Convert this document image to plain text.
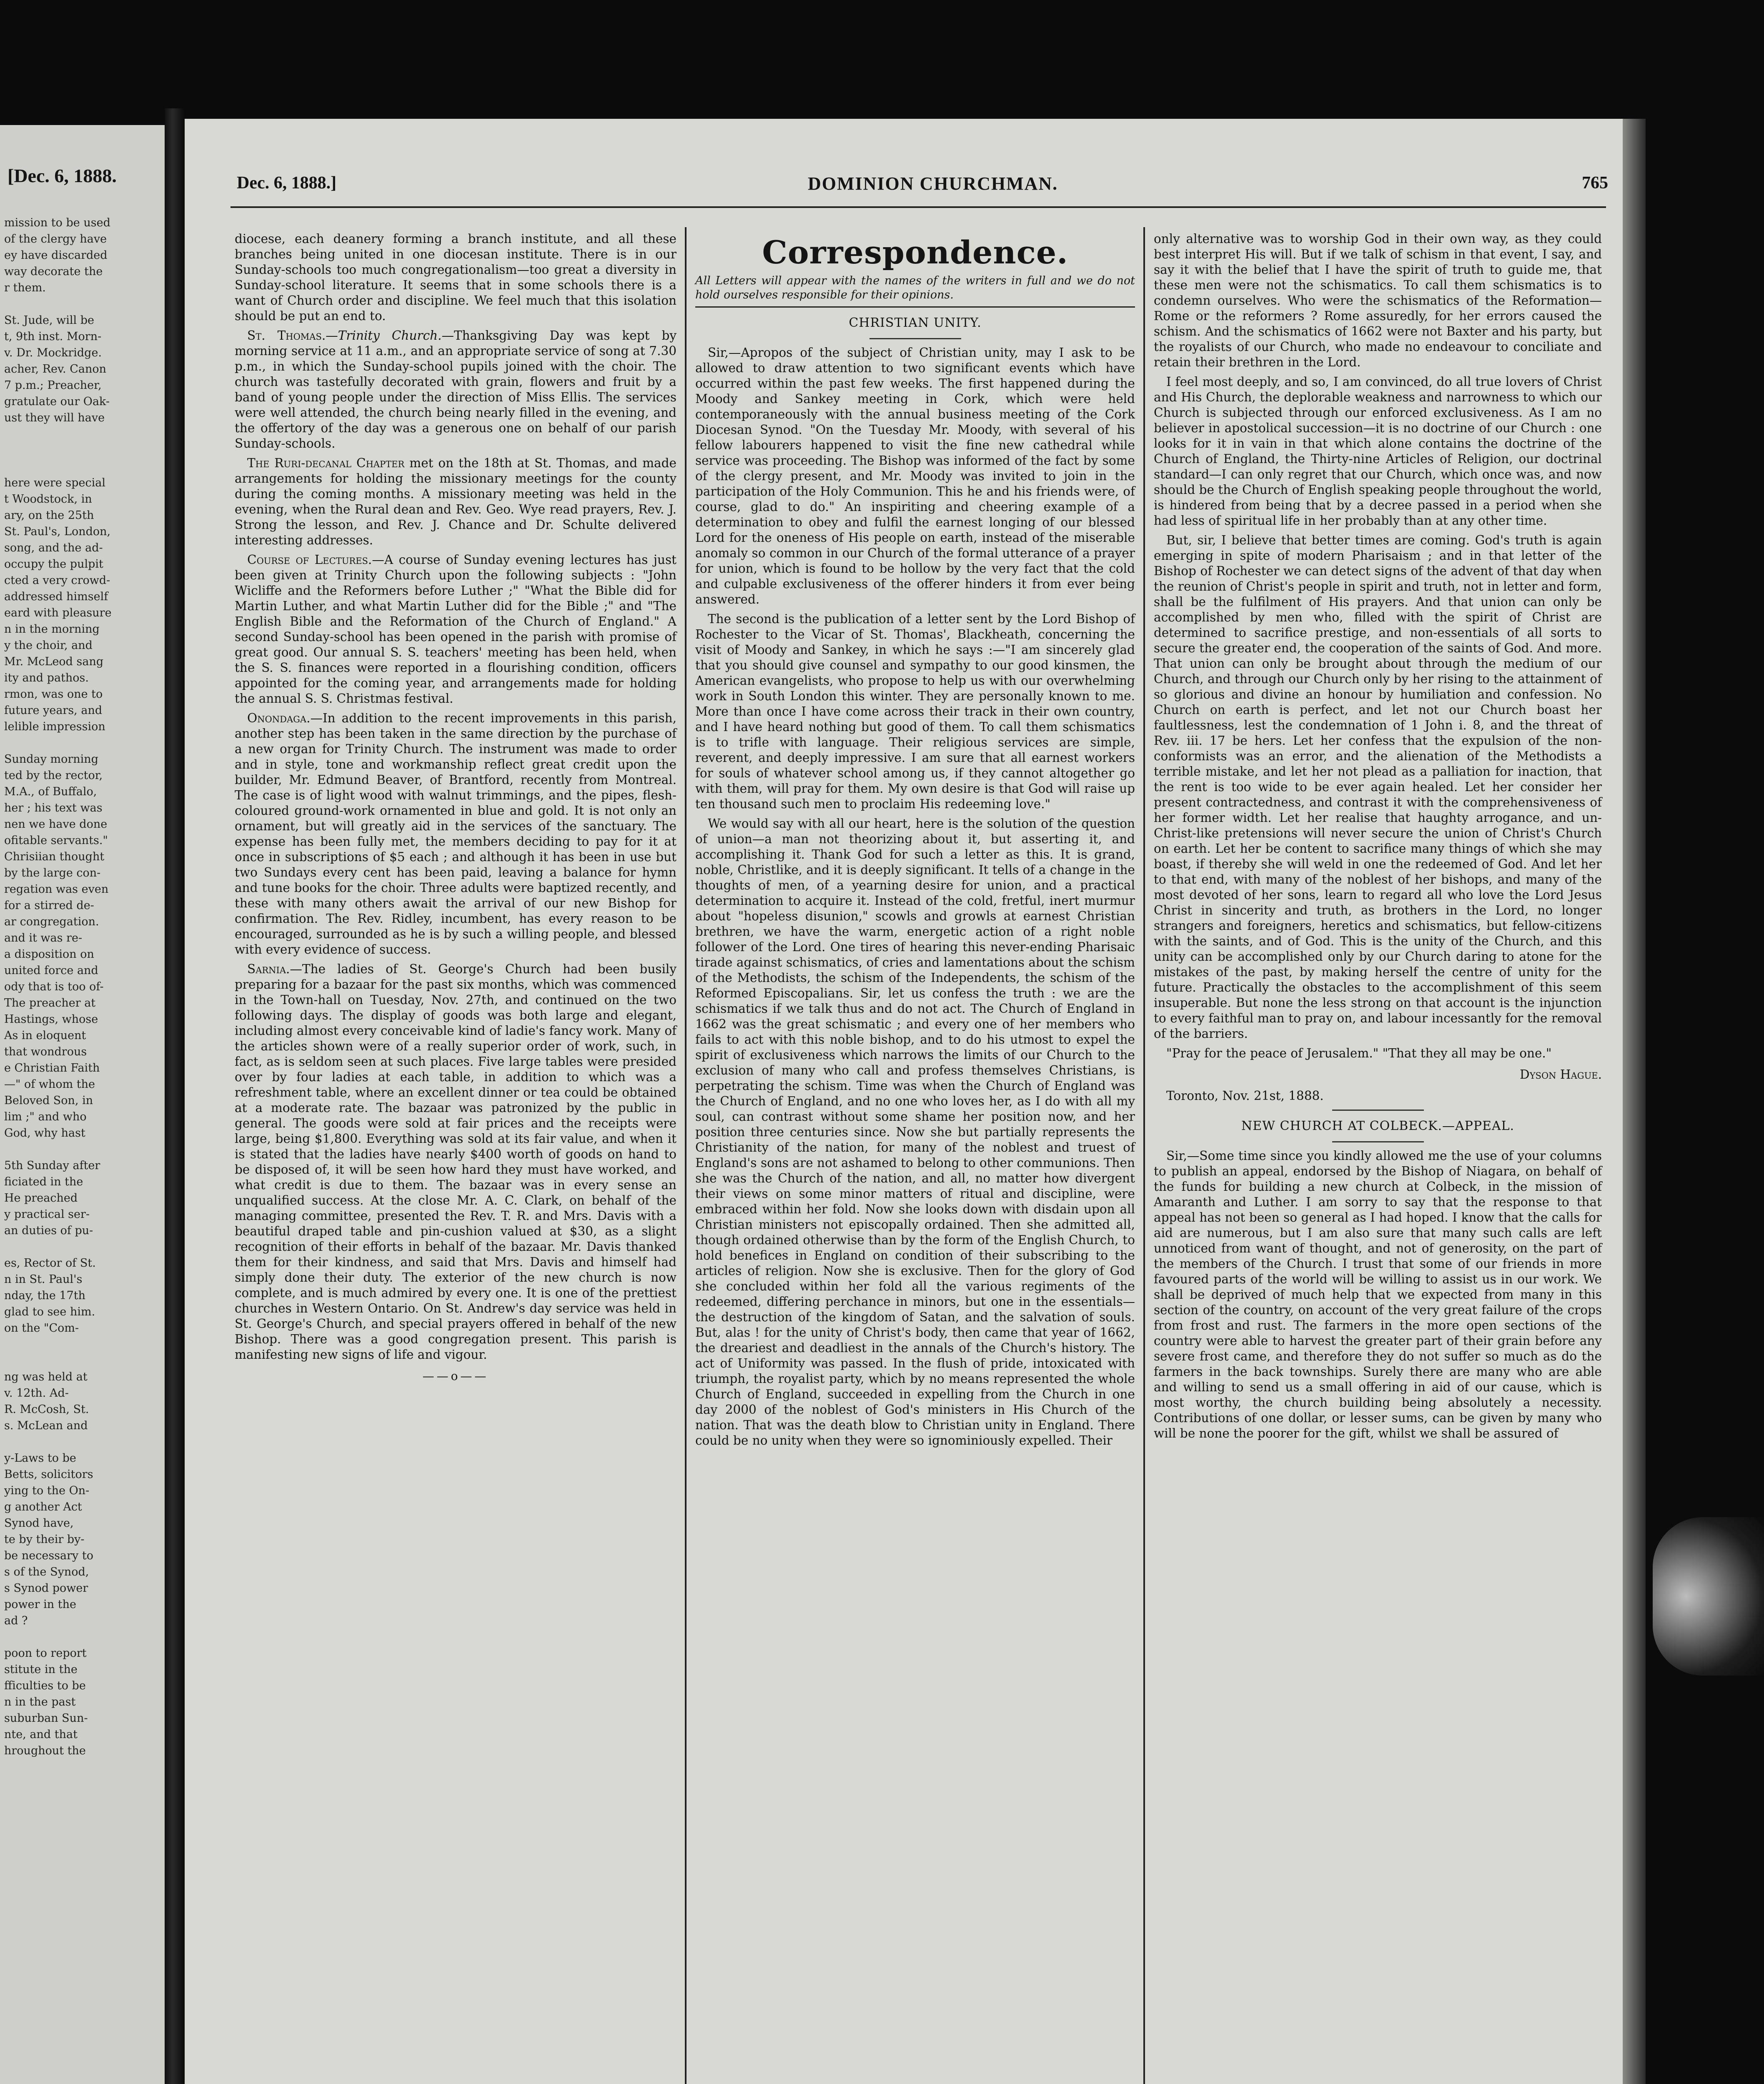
[Dec. 6, 1888.
mission to be used
of the clergy have
ey have discarded
way decorate the
r them.

St. Jude, will be
t, 9th inst. Morn-
v. Dr. Mockridge.
acher, Rev. Canon
7 p.m.; Preacher,
gratulate our Oak-
ust they will have

here were special
t Woodstock, in
ary, on the 25th
St. Paul's, London,
song, and the ad-
occupy the pulpit
cted a very crowd-
addressed himself
eard with pleasure
n in the morning
y the choir, and
Mr. McLeod sang
ity and pathos.
rmon, was one to
future years, and
lelible impression

Sunday morning
ted by the rector,
M.A., of Buffalo,
her ; his text was
nen we have done
ofitable servants."
Chrisiian thought
by the large con-
regation was even
for a stirred de-
ar congregation.
and it was re-
a disposition on
united force and
ody that is too of-
The preacher at
Hastings, whose
As in eloquent
that wondrous
e Christian Faith
—" of whom the
Beloved Son, in
lim ;" and who
God, why hast

5th Sunday after
ficiated in the
He preached
y practical ser-
an duties of pu-

es, Rector of St.
n in St. Paul's
nday, the 17th
glad to see him.
on the "Com-

ng was held at
v. 12th. Ad-
R. McCosh, St.
s. McLean and

y-Laws to be
Betts, solicitors
ying to the On-
g another Act
Synod have,
te by their by-
be necessary to
s of the Synod,
s Synod power
power in the
ad ?

poon to report
stitute in the
fficulties to be
n in the past
suburban Sun-
nte, and that
hroughout the
Dec. 6, 1888.]	DOMINION CHURCHMAN.	765

diocese, each deanery forming a branch institute, and all these branches being united in one diocesan institute. There is in our Sunday-schools too much congregationalism—too great a diversity in Sunday-school literature. It seems that in some schools there is a want of Church order and discipline. We feel much that this isolation should be put an end to.

St. Thomas.—Trinity Church.—Thanksgiving Day was kept by morning service at 11 a.m., and an appropriate service of song at 7.30 p.m., in which the Sunday-school pupils joined with the choir. The church was tastefully decorated with grain, flowers and fruit by a band of young people under the direction of Miss Ellis. The services were well attended, the church being nearly filled in the evening, and the offertory of the day was a generous one on behalf of our parish Sunday-schools.

The Ruri-decanal Chapter met on the 18th at St. Thomas, and made arrangements for holding the missionary meetings for the county during the coming months. A missionary meeting was held in the evening, when the Rural dean and Rev. Geo. Wye read prayers, Rev. J. Strong the lesson, and Rev. J. Chance and Dr. Schulte delivered interesting addresses.

Course of Lectures.—A course of Sunday evening lectures has just been given at Trinity Church upon the following subjects : "John Wicliffe and the Reformers before Luther ;" "What the Bible did for Martin Luther, and what Martin Luther did for the Bible ;" and "The English Bible and the Reformation of the Church of England." A second Sunday-school has been opened in the parish with promise of great good. Our annual S. S. teachers' meeting has been held, when the S. S. finances were reported in a flourishing condition, officers appointed for the coming year, and arrangements made for holding the annual S. S. Christmas festival.

Onondaga.—In addition to the recent improvements in this parish, another step has been taken in the same direction by the purchase of a new organ for Trinity Church. The instrument was made to order and in style, tone and workmanship reflect great credit upon the builder, Mr. Edmund Beaver, of Brantford, recently from Montreal. The case is of light wood with walnut trimmings, and the pipes, flesh-coloured ground-work ornamented in blue and gold. It is not only an ornament, but will greatly aid in the services of the sanctuary. The expense has been fully met, the members deciding to pay for it at once in subscriptions of $5 each ; and although it has been in use but two Sundays every cent has been paid, leaving a balance for hymn and tune books for the choir. Three adults were baptized recently, and these with many others await the arrival of our new Bishop for confirmation. The Rev. Ridley, incumbent, has every reason to be encouraged, surrounded as he is by such a willing people, and blessed with every evidence of success.

Sarnia.—The ladies of St. George's Church had been busily preparing for a bazaar for the past six months, which was commenced in the Town-hall on Tuesday, Nov. 27th, and continued on the two following days. The display of goods was both large and elegant, including almost every conceivable kind of ladie's fancy work. Many of the articles shown were of a really superior order of work, such, in fact, as is seldom seen at such places. Five large tables were presided over by four ladies at each table, in addition to which was a refreshment table, where an excellent dinner or tea could be obtained at a moderate rate. The bazaar was patronized by the public in general. The goods were sold at fair prices and the receipts were large, being $1,800. Everything was sold at its fair value, and when it is stated that the ladies have nearly $400 worth of goods on hand to be disposed of, it will be seen how hard they must have worked, and what credit is due to them. The bazaar was in every sense an unqualified success. At the close Mr. A. C. Clark, on behalf of the managing committee, presented the Rev. T. R. and Mrs. Davis with a beautiful draped table and pin-cushion valued at $30, as a slight recognition of their efforts in behalf of the bazaar. Mr. Davis thanked them for their kindness, and said that Mrs. Davis and himself had simply done their duty. The exterior of the new church is now complete, and is much admired by every one. It is one of the prettiest churches in Western Ontario. On St. Andrew's day service was held in St. George's Church, and special prayers offered in behalf of the new Bishop. There was a good congregation present. This parish is manifesting new signs of life and vigour.

——o——

Correspondence.

All Letters will appear with the names of the writers in full and we do not hold ourselves responsible for their opinions.

CHRISTIAN UNITY.

Sir,—Apropos of the subject of Christian unity, may I ask to be allowed to draw attention to two significant events which have occurred within the past few weeks. The first happened during the Moody and Sankey meeting in Cork, which were held contemporaneously with the annual business meeting of the Cork Diocesan Synod. "On the Tuesday Mr. Moody, with several of his fellow labourers happened to visit the fine new cathedral while service was proceeding. The Bishop was informed of the fact by some of the clergy present, and Mr. Moody was invited to join in the participation of the Holy Communion. This he and his friends were, of course, glad to do." An inspiriting and cheering example of a determination to obey and fulfil the earnest longing of our blessed Lord for the oneness of His people on earth, instead of the miserable anomaly so common in our Church of the formal utterance of a prayer for union, which is found to be hollow by the very fact that the cold and culpable exclusiveness of the offerer hinders it from ever being answered.

The second is the publication of a letter sent by the Lord Bishop of Rochester to the Vicar of St. Thomas', Blackheath, concerning the visit of Moody and Sankey, in which he says :—"I am sincerely glad that you should give counsel and sympathy to our good kinsmen, the American evangelists, who propose to help us with our overwhelming work in South London this winter. They are personally known to me. More than once I have come across their track in their own country, and I have heard nothing but good of them. To call them schismatics is to trifle with language. Their religious services are simple, reverent, and deeply impressive. I am sure that all earnest workers for souls of whatever school among us, if they cannot altogether go with them, will pray for them. My own desire is that God will raise up ten thousand such men to proclaim His redeeming love."

We would say with all our heart, here is the solution of the question of union—a man not theorizing about it, but asserting it, and accomplishing it. Thank God for such a letter as this. It is grand, noble, Christlike, and it is deeply significant. It tells of a change in the thoughts of men, of a yearning desire for union, and a practical determination to acquire it. Instead of the cold, fretful, inert murmur about "hopeless disunion," scowls and growls at earnest Christian brethren, we have the warm, energetic action of a right noble follower of the Lord. One tires of hearing this never-ending Pharisaic tirade against schismatics, of cries and lamentations about the schism of the Methodists, the schism of the Independents, the schism of the Reformed Episcopalians. Sir, let us confess the truth : we are the schismatics if we talk thus and do not act. The Church of England in 1662 was the great schismatic ; and every one of her members who fails to act with this noble bishop, and to do his utmost to expel the spirit of exclusiveness which narrows the limits of our Church to the exclusion of many who call and profess themselves Christians, is perpetrating the schism. Time was when the Church of England was the Church of England, and no one who loves her, as I do with all my soul, can contrast without some shame her position now, and her position three centuries since. Now she but partially represents the Christianity of the nation, for many of the noblest and truest of England's sons are not ashamed to belong to other communions. Then she was the Church of the nation, and all, no matter how divergent their views on some minor matters of ritual and discipline, were embraced within her fold. Now she looks down with disdain upon all Christian ministers not episcopally ordained. Then she admitted all, though ordained otherwise than by the form of the English Church, to hold benefices in England on condition of their subscribing to the articles of religion. Now she is exclusive. Then for the glory of God she concluded within her fold all the various regiments of the redeemed, differing perchance in minors, but one in the essentials—the destruction of the kingdom of Satan, and the salvation of souls. But, alas ! for the unity of Christ's body, then came that year of 1662, the dreariest and deadliest in the annals of the Church's history. The act of Uniformity was passed. In the flush of pride, intoxicated with triumph, the royalist party, which by no means represented the whole Church of England, succeeded in expelling from the Church in one day 2000 of the noblest of God's ministers in His Church of the nation. That was the death blow to Christian unity in England. There could be no unity when they were so ignominiously expelled. Their

only alternative was to worship God in their own way, as they could best interpret His will. But if we talk of schism in that event, I say, and say it with the belief that I have the spirit of truth to guide me, that these men were not the schismatics. To call them schismatics is to condemn ourselves. Who were the schismatics of the Reformation—Rome or the reformers ? Rome assuredly, for her errors caused the schism. And the schismatics of 1662 were not Baxter and his party, but the royalists of our Church, who made no endeavour to conciliate and retain their brethren in the Lord.

I feel most deeply, and so, I am convinced, do all true lovers of Christ and His Church, the deplorable weakness and narrowness to which our Church is subjected through our enforced exclusiveness. As I am no believer in apostolical succession—it is no doctrine of our Church : one looks for it in vain in that which alone contains the doctrine of the Church of England, the Thirty-nine Articles of Religion, our doctrinal standard—I can only regret that our Church, which once was, and now should be the Church of English speaking people throughout the world, is hindered from being that by a decree passed in a period when she had less of spiritual life in her probably than at any other time.

But, sir, I believe that better times are coming. God's truth is again emerging in spite of modern Pharisaism ; and in that letter of the Bishop of Rochester we can detect signs of the advent of that day when the reunion of Christ's people in spirit and truth, not in letter and form, shall be the fulfilment of His prayers. And that union can only be accomplished by men who, filled with the spirit of Christ are determined to sacrifice prestige, and non-essentials of all sorts to secure the greater end, the cooperation of the saints of God. And more. That union can only be brought about through the medium of our Church, and through our Church only by her rising to the attainment of so glorious and divine an honour by humiliation and confession. No Church on earth is perfect, and let not our Church boast her faultlessness, lest the condemnation of 1 John i. 8, and the threat of Rev. iii. 17 be hers. Let her confess that the expulsion of the non-conformists was an error, and the alienation of the Methodists a terrible mistake, and let her not plead as a palliation for inaction, that the rent is too wide to be ever again healed. Let her consider her present contractedness, and contrast it with the comprehensiveness of her former width. Let her realise that haughty arrogance, and un-Christ-like pretensions will never secure the union of Christ's Church on earth. Let her be content to sacrifice many things of which she may boast, if thereby she will weld in one the redeemed of God. And let her to that end, with many of the noblest of her bishops, and many of the most devoted of her sons, learn to regard all who love the Lord Jesus Christ in sincerity and truth, as brothers in the Lord, no longer strangers and foreigners, heretics and schismatics, but fellow-citizens with the saints, and of God. This is the unity of the Church, and this unity can be accomplished only by our Church daring to atone for the mistakes of the past, by making herself the centre of unity for the future. Practically the obstacles to the accomplishment of this seem insuperable. But none the less strong on that account is the injunction to every faithful man to pray on, and labour incessantly for the removal of the barriers.

"Pray for the peace of Jerusalem." "That they all may be one."

Dyson Hague.

Toronto, Nov. 21st, 1888.

NEW CHURCH AT COLBECK.—APPEAL.

Sir,—Some time since you kindly allowed me the use of your columns to publish an appeal, endorsed by the Bishop of Niagara, on behalf of the funds for building a new church at Colbeck, in the mission of Amaranth and Luther. I am sorry to say that the response to that appeal has not been so general as I had hoped. I know that the calls for aid are numerous, but I am also sure that many such calls are left unnoticed from want of thought, and not of generosity, on the part of the members of the Church. I trust that some of our friends in more favoured parts of the world will be willing to assist us in our work. We shall be deprived of much help that we expected from many in this section of the country, on account of the very great failure of the crops from frost and rust. The farmers in the more open sections of the country were able to harvest the greater part of their grain before any severe frost came, and therefore they do not suffer so much as do the farmers in the back townships. Surely there are many who are able and willing to send us a small offering in aid of our cause, which is most worthy, the church building being absolutely a necessity. Contributions of one dollar, or lesser sums, can be given by many who will be none the poorer for the gift, whilst we shall be assured of
